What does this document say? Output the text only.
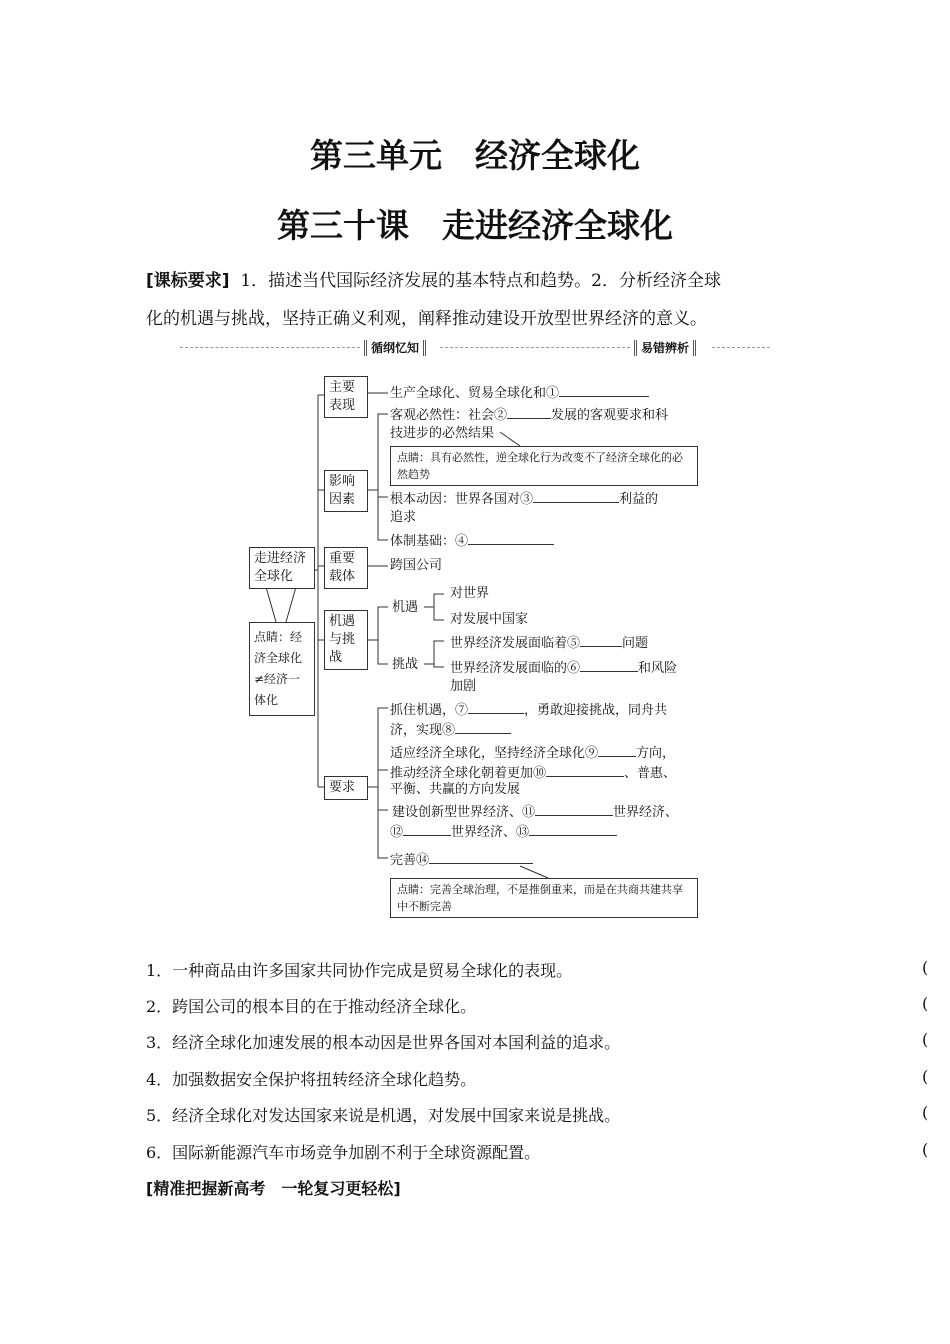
第三单元　经济全球化
第三十课　走进经济全球化
[课标要求] 1．描述当代国际经济发展的基本特点和趋势。2．分析经济全球
化的机遇与挑战，坚持正确义利观，阐释推动建设开放型世界经济的意义。
循纲忆知	易错辨析
走进经济全球化
点睛：经济全球化≠经济一体化
主要表现
影响因素
重要载体
机遇与挑战
要求
生产全球化、贸易全球化和①
客观必然性：社会②	发展的客观要求和科
技进步的必然结果
点睛：具有必然性，逆全球化行为改变不了经济全球化的必然趋势
根本动因：世界各国对③	利益的
追求
体制基础：④
跨国公司
机遇
对世界
对发展中国家
挑战
世界经济发展面临着⑤	问题
世界经济发展面临的⑥	和风险
加剧
抓住机遇，⑦	，勇敢迎接挑战，同舟共
济，实现⑧
适应经济全球化，坚持经济全球化⑨	方向，
推动经济全球化朝着更加⑩	、普惠、
平衡、共赢的方向发展
建设创新型世界经济、⑪	世界经济、
⑫	世界经济、⑬
完善⑭
点睛：完善全球治理，不是推倒重来，而是在共商共建共享中不断完善
1．一种商品由许多国家共同协作完成是贸易全球化的表现。	(
2．跨国公司的根本目的在于推动经济全球化。	(
3．经济全球化加速发展的根本动因是世界各国对本国利益的追求。	(
4．加强数据安全保护将扭转经济全球化趋势。	(
5．经济全球化对发达国家来说是机遇，对发展中国家来说是挑战。	(
6．国际新能源汽车市场竞争加剧不利于全球资源配置。	(
[精准把握新高考　一轮复习更轻松]
